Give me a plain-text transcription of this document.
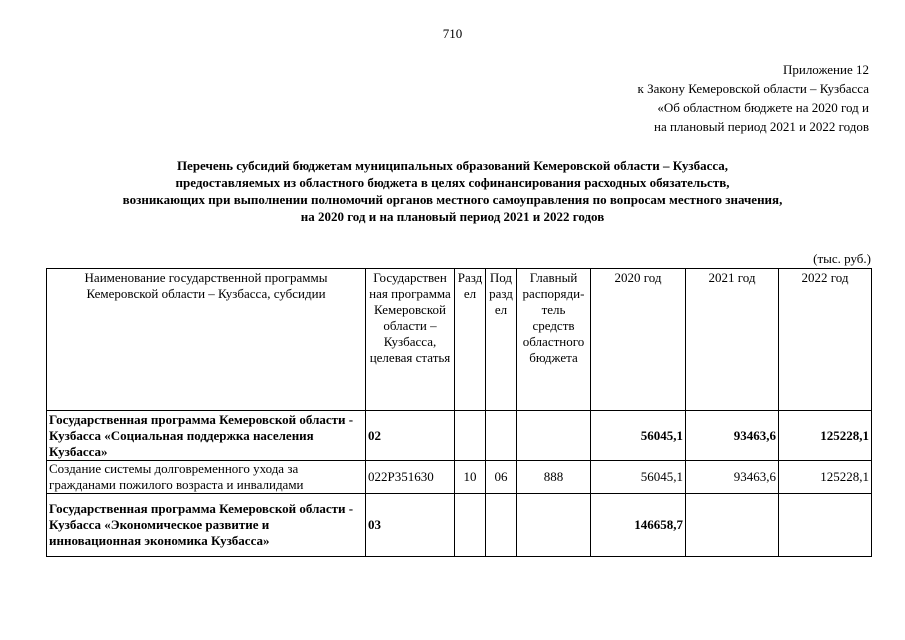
710
Приложение 12
к Закону Кемеровской области – Кузбасса
«Об областном бюджете на 2020 год и
на плановый период 2021 и 2022 годов
Перечень субсидий бюджетам муниципальных образований Кемеровской области – Кузбасса,
предоставляемых из областного бюджета в целях софинансирования расходных обязательств,
возникающих при выполнении полномочий органов местного самоуправления по вопросам местного значения,
на 2020 год и на плановый период 2021 и 2022 годов
(тыс. руб.)
Наименование государственной программы Кемеровской области – Кузбасса, субсидии	Государствен ная программа Кемеровской области – Кузбасса, целевая статья	Разд ел	Под разд ел	Главный распоряди- тель средств областного бюджета	2020 год	2021 год	2022 год
Государственная программа Кемеровской области - Кузбасса «Социальная поддержка населения Кузбасса»	02				56045,1	93463,6	125228,1
Создание системы долговременного ухода за гражданами пожилого возраста и инвалидами	022P351630	10	06	888	56045,1	93463,6	125228,1
Государственная программа Кемеровской области - Кузбасса «Экономическое развитие и инновационная экономика Кузбасса»	03				146658,7		
